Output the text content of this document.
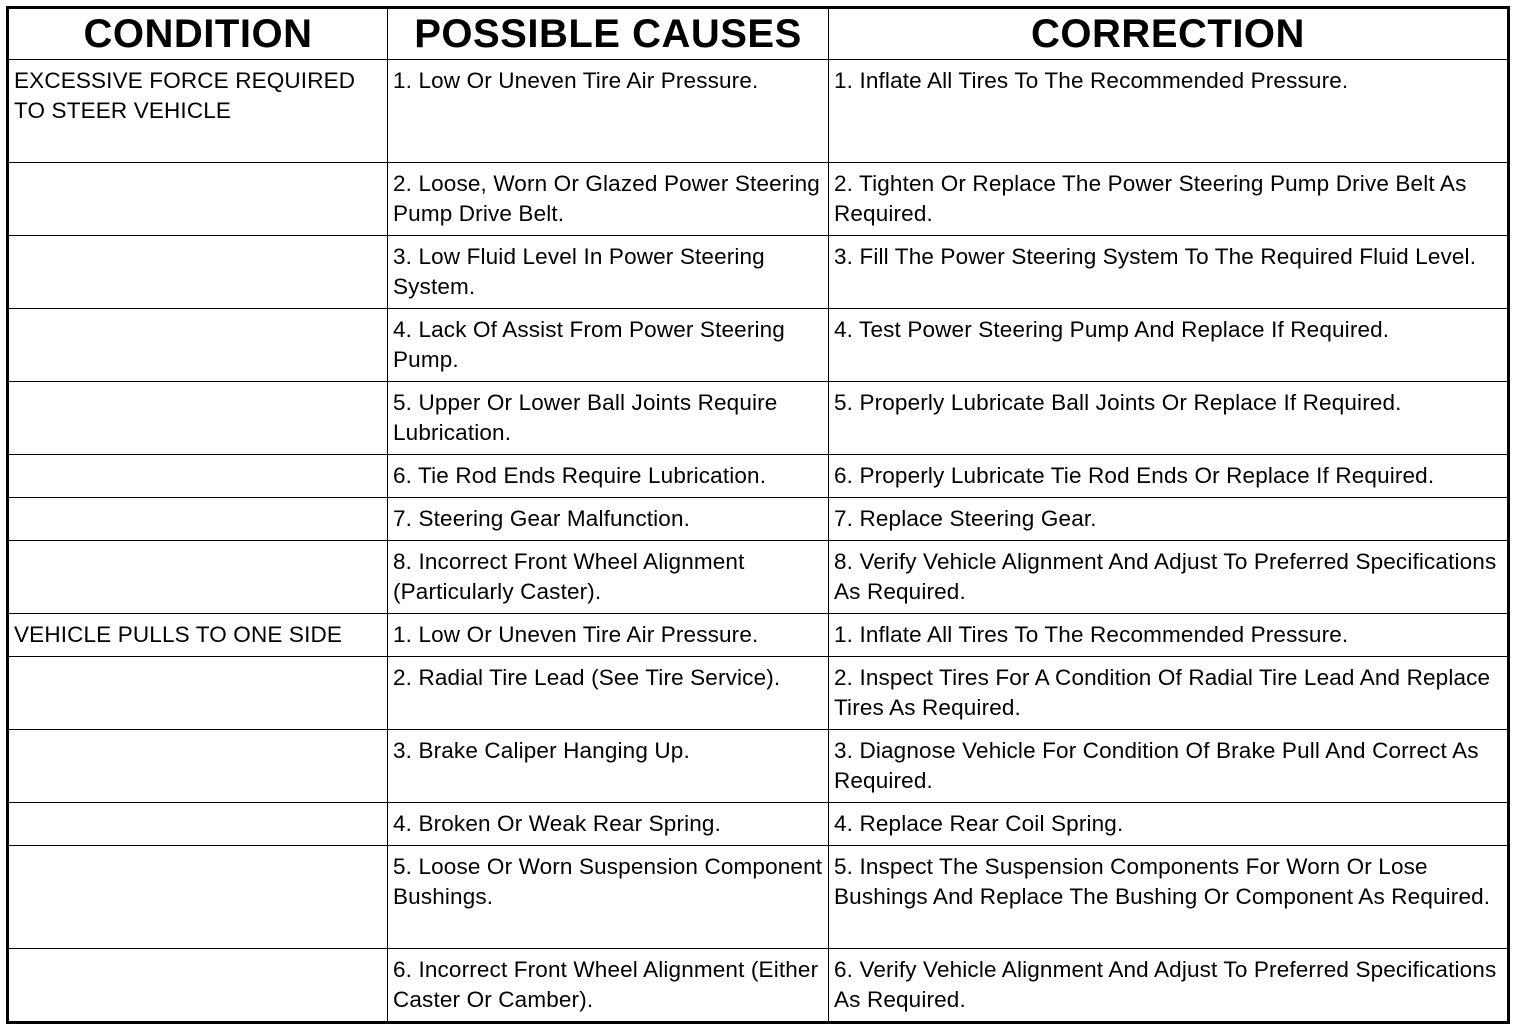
CONDITION	POSSIBLE CAUSES	CORRECTION
EXCESSIVE FORCE REQUIRED TO STEER VEHICLE	1. Low Or Uneven Tire Air Pressure.	1. Inflate All Tires To The Recommended Pressure.
	2. Loose, Worn Or Glazed Power Steering Pump Drive Belt.	2. Tighten Or Replace The Power Steering Pump Drive Belt As Required.
	3. Low Fluid Level In Power Steering System.	3. Fill The Power Steering System To The Required Fluid Level.
	4. Lack Of Assist From Power Steering Pump.	4. Test Power Steering Pump And Replace If Required.
	5. Upper Or Lower Ball Joints Require Lubrication.	5. Properly Lubricate Ball Joints Or Replace If Required.
	6. Tie Rod Ends Require Lubrication.	6. Properly Lubricate Tie Rod Ends Or Replace If Required.
	7. Steering Gear Malfunction.	7. Replace Steering Gear.
	8. Incorrect Front Wheel Alignment (Particularly Caster).	8. Verify Vehicle Alignment And Adjust To Preferred Specifications As Required.
VEHICLE PULLS TO ONE SIDE	1. Low Or Uneven Tire Air Pressure.	1. Inflate All Tires To The Recommended Pressure.
	2. Radial Tire Lead (See Tire Service).	2. Inspect Tires For A Condition Of Radial Tire Lead And Replace Tires As Required.
	3. Brake Caliper Hanging Up.	3. Diagnose Vehicle For Condition Of Brake Pull And Correct As Required.
	4. Broken Or Weak Rear Spring.	4. Replace Rear Coil Spring.
	5. Loose Or Worn Suspension Component Bushings.	5. Inspect The Suspension Components For Worn Or Lose Bushings And Replace The Bushing Or Component As Required.
	6. Incorrect Front Wheel Alignment (Either Caster Or Camber).	6. Verify Vehicle Alignment And Adjust To Preferred Specifications As Required.
